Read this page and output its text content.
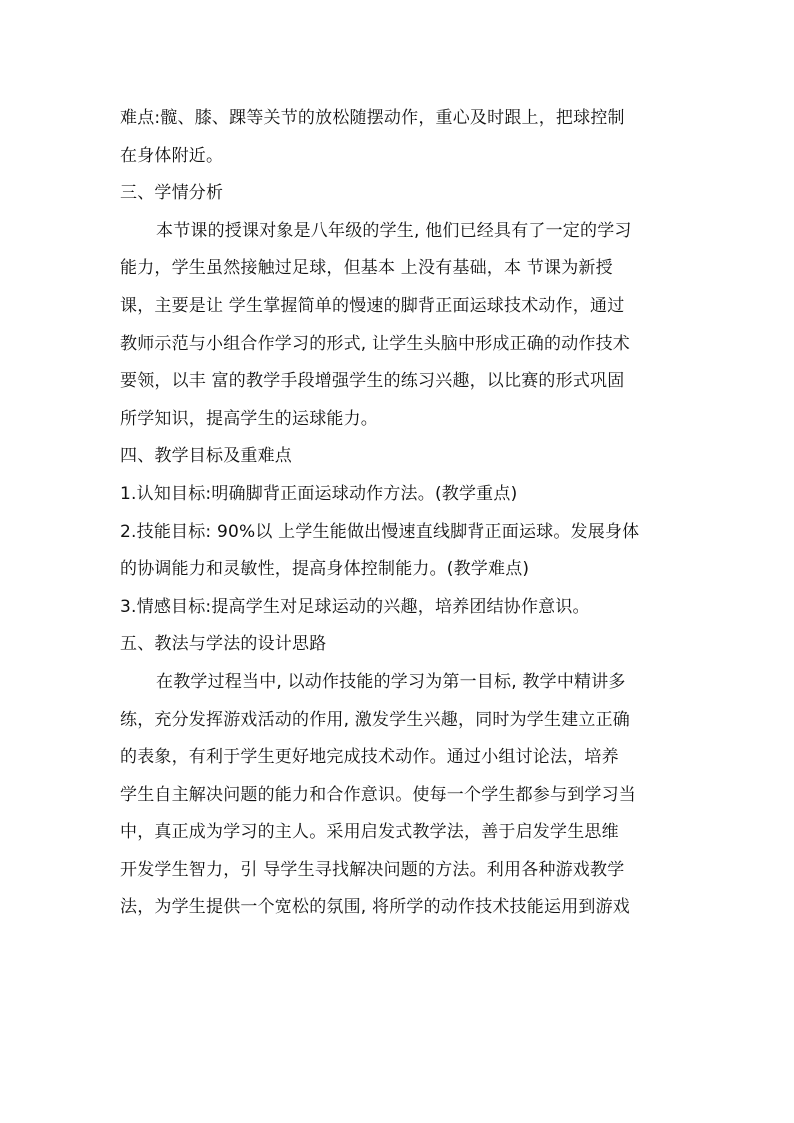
难点:髋、膝、踝等关节的放松随摆动作，重心及时跟上，把球控制
在身体附近。
三、学情分析
本节课的授课对象是八年级的学生, 他们已经具有了一定的学习
能力，学生虽然接触过足球，但基本 上没有基础，本 节课为新授
课，主要是让 学生掌握简单的慢速的脚背正面运球技术动作，通过
教师示范与小组合作学习的形式, 让学生头脑中形成正确的动作技术
要领，以丰 富的教学手段增强学生的练习兴趣，以比赛的形式巩固
所学知识，提高学生的运球能力。
四、教学目标及重难点
1.认知目标:明确脚背正面运球动作方法。(教学重点)
2.技能目标: 90%以 上学生能做出慢速直线脚背正面运球。发展身体
的协调能力和灵敏性，提高身体控制能力。(教学难点)
3.情感目标:提高学生对足球运动的兴趣，培养团结协作意识。
五、教法与学法的设计思路
在教学过程当中, 以动作技能的学习为第一目标, 教学中精讲多
练，充分发挥游戏活动的作用, 激发学生兴趣，同时为学生建立正确
的表象，有利于学生更好地完成技术动作。通过小组讨论法，培养
学生自主解决问题的能力和合作意识。使每一个学生都参与到学习当
中，真正成为学习的主人。采用启发式教学法，善于启发学生思维
开发学生智力，引 导学生寻找解决问题的方法。利用各种游戏教学
法，为学生提供一个宽松的氛围, 将所学的动作技术技能运用到游戏
